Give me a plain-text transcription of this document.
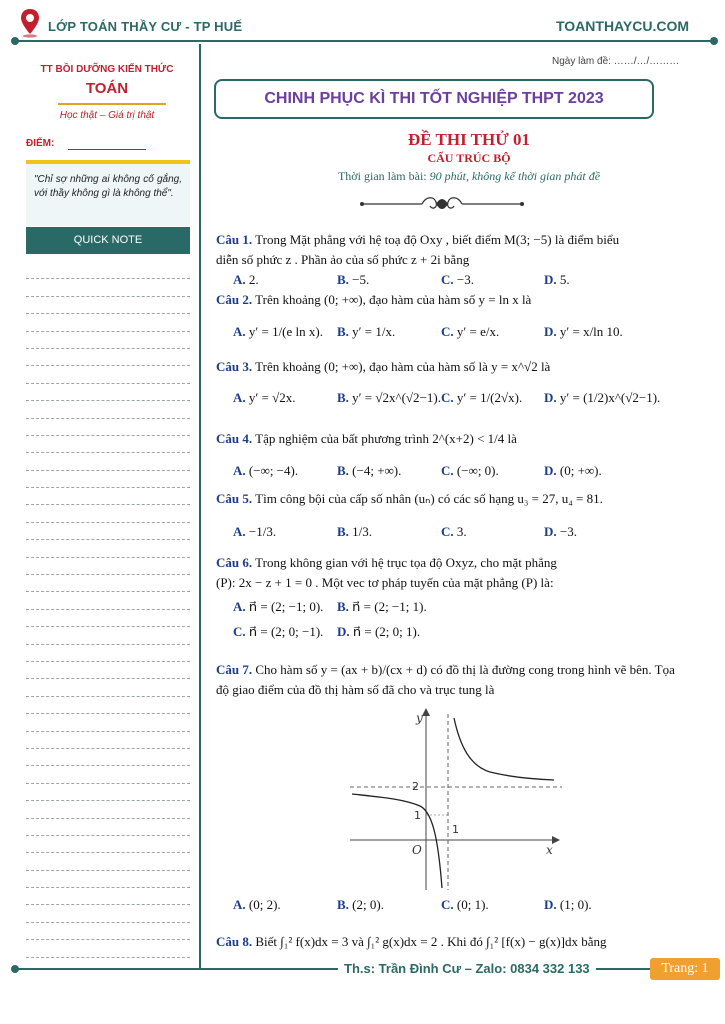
LỚP TOÁN THẦY CƯ - TP HUẾ	TOANTHAYCU.COM
TT BỒI DƯỠNG KIẾN THỨC
TOÁN
Học thật – Giá trị thật
ĐIỂM:
"Chỉ sợ những ai không cố gắng, với thầy không gì là không thể".
QUICK NOTE
Ngày làm đề: ……/…/………
CHINH PHỤC KÌ THI TỐT NGHIỆP THPT 2023
ĐỀ THI THỬ 01
CẤU TRÚC BỘ
Thời gian làm bài: 90 phút, không kể thời gian phát đề
Câu 1. Trong Mặt phẳng với hệ toạ độ Oxy , biết điểm M(3; −5) là điểm biểu
diễn số phức z . Phần ảo của số phức z + 2i bằng
A. 2.	B. −5.	C. −3.	D. 5.
Câu 2. Trên khoảng (0; +∞), đạo hàm của hàm số y = ln x là
A. y′ = 1/(e ln x). B. y′ = 1/x.	C. y′ = e/x.	D. y′ = x/ln 10.
Câu 3. Trên khoảng (0; +∞), đạo hàm của hàm số là y = x^√2 là
A. y′ = √2x.	B. y′ = √2x^(√2−1). C. y′ = 1/(2√x). D. y′ = (1/2)x^(√2−1).
Câu 4. Tập nghiệm của bất phương trình 2^(x+2) < 1/4 là
A. (−∞; −4).	B. (−4; +∞).	C. (−∞; 0).	D. (0; +∞).
Câu 5. Tìm công bội của cấp số nhân (uₙ) có các số hạng u₃ = 27, u₄ = 81.
A. −1/3.	B. 1/3.	C. 3.	D. −3.
Câu 6. Trong không gian với hệ trục tọa độ Oxyz, cho mặt phẳng
(P): 2x − z + 1 = 0 . Một vec tơ pháp tuyến của mặt phẳng (P) là:
A. n⃗ = (2; −1; 0). B. n⃗ = (2; −1; 1).
C. n⃗ = (2; 0; −1). D. n⃗ = (2; 0; 1).
Câu 7. Cho hàm số y = (ax + b)/(cx + d) có đồ thị là đường cong trong hình vẽ bên. Tọa
độ giao điểm của đồ thị hàm số đã cho và trục tung là
y
x
O
2
1
1
A. (0; 2).	B. (2; 0).	C. (0; 1).	D. (1; 0).
Câu 8. Biết ∫₁² f(x)dx = 3 và ∫₁² g(x)dx = 2 . Khi đó ∫₁² [f(x) − g(x)]dx bằng
Th.s: Trần Đình Cư – Zalo: 0834 332 133	Trang: 1
